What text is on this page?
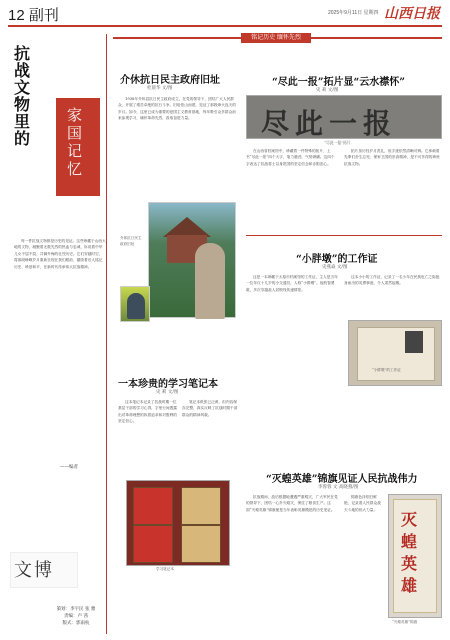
12 副刊	2025年9月11日 星期四 山西日报
铭记历史 缅怀先烈
抗战文物里的
家国记忆
每一件抗战文物都是历史的见证。这些珍藏于山西大地的文物，凝聚着无数先烈的热血与忠诚，诉说着中华儿女不屈不挠、共御外侮的壮烈历史。它们穿越时空，将那段峥嵘岁月重新呈现在我们眼前，激励着后人铭记历史、珍爱和平，在新时代传承伟大抗战精神。
——编者
文博
策划：李宇民 张 雅
责编：卢 茜
版式：郭雨杭
介休抗日民主政府旧址
杜晨华 文/图
1938年介休县抗日民主政府成立，在党的领导下，团结广大人民群众，开展了艰苦卓绝的抗日斗争。旧址依山而建，见证了那段烽火连天的岁月。如今，这里已成为重要的爱国主义教育基地，每年吸引众多群众前来参观学习，缅怀革命先烈，汲取奋进力量。
介休抗日民主政府旧址
“尽此一报”拓片显“云水襟怀”
史 莉 文/图
尽此一报
“尽此一报”拓片
在山西省档案馆中，珍藏着一件特殊的拓片，上书“尽此一报”四个大字，笔力遒劲，气势磅礴。这四个字表达了抗战将士以身报国的坚定信念和赤胆忠心。
拓片虽历经岁月洗礼，但字迹依然清晰可辨。它承载着先辈们舍生忘死、保家卫国的崇高精神，是不可多得的珍贵抗战文物。
“小胖墩”的工作证
史燕焱 文/图
这是一本珍藏于太原市档案馆的工作证，主人是当年一位年仅十几岁的小交通员，人称“小胖墩”。他机智勇敢，多次穿越敌人封锁线传递情报。
这本小小的工作证，记录了一名少年在民族危亡之际挺身而出的英勇事迹，令人肃然起敬。
“小胖墩”的工作证
一本珍贵的学习笔记本
史 莉 文/图
这本笔记本记录了抗战时期一位基层干部的学习心得，字里行间透露出对革命理想的执着追求和对胜利的坚定信心。
笔记本纸张已泛黄，但内容保存完整，真实反映了抗战时期干部群众的精神风貌。
学习笔记本
“灭蝗英雄”锦旗见证人民抗战伟力
李蓉蓉 文 高晓燕/图
抗战期间，敌后根据地遭遇严重蝗灾，广大军民在党的领导下，团结一心扑灭蝗灾，保住了粮食生产。这面“灭蝗英雄”锦旗便是当年表彰英雄模范的历史见证。
锦旗色泽依旧鲜艳，记录着人民群众战天斗地的伟大力量。
灭蝗英雄
“灭蝗英雄”锦旗
